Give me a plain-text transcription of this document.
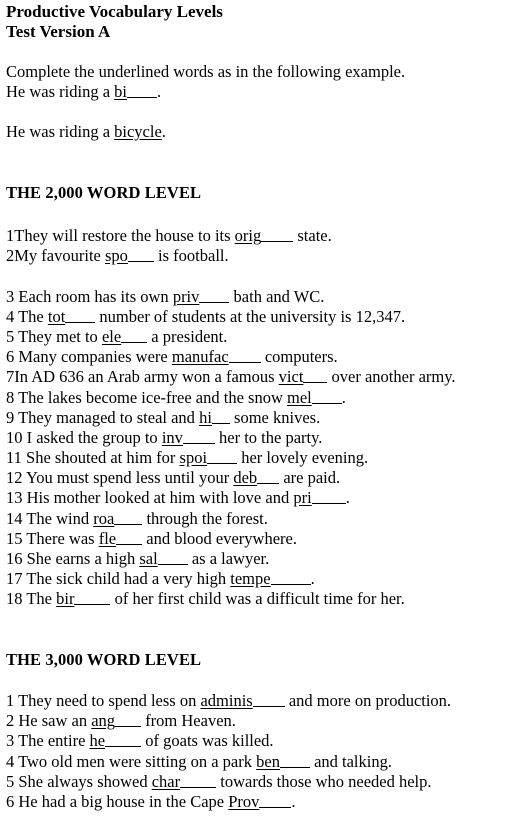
Productive Vocabulary Levels
Test Version A
Complete the underlined words as in the following example.
He was riding a bi .
He was riding a bicycle.
THE 2,000 WORD LEVEL
1They will restore the house to its orig state.
2My favourite spo is football.
3 Each room has its own priv bath and WC.
4 The tot number of students at the university is 12,347.
5 They met to ele a president.
6 Many companies were manufac computers.
7In AD 636 an Arab army won a famous vict over another army.
8 The lakes become ice-free and the snow mel .
9 They managed to steal and hi some knives.
10 I asked the group to inv her to the party.
11 She shouted at him for spoi her lovely evening.
12 You must spend less until your deb are paid.
13 His mother looked at him with love and pri .
14 The wind roa through the forest.
15 There was fle and blood everywhere.
16 She earns a high sal as a lawyer.
17 The sick child had a very high tempe .
18 The bir of her first child was a difficult time for her.
THE 3,000 WORD LEVEL
1 They need to spend less on adminis and more on production.
2 He saw an ang from Heaven.
3 The entire he of goats was killed.
4 Two old men were sitting on a park ben and talking.
5 She always showed char towards those who needed help.
6 He had a big house in the Cape Prov .
